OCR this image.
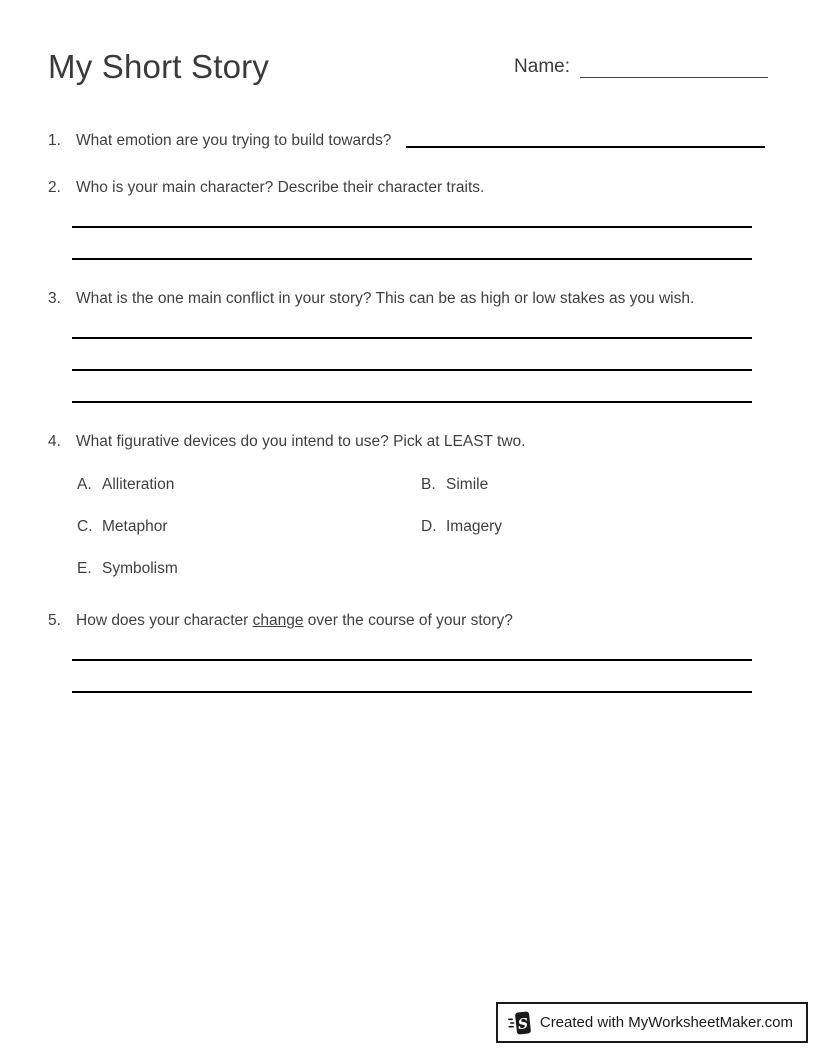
My Short Story	Name:
1. What emotion are you trying to build towards?
2. Who is your main character? Describe their character traits.
3. What is the one main conflict in your story? This can be as high or low stakes as you wish.
4. What figurative devices do you intend to use? Pick at LEAST two.
A. Alliteration	B. Simile
C. Metaphor	D. Imagery
E. Symbolism
5. How does your character change over the course of your story?
S Created with MyWorksheetMaker.com
